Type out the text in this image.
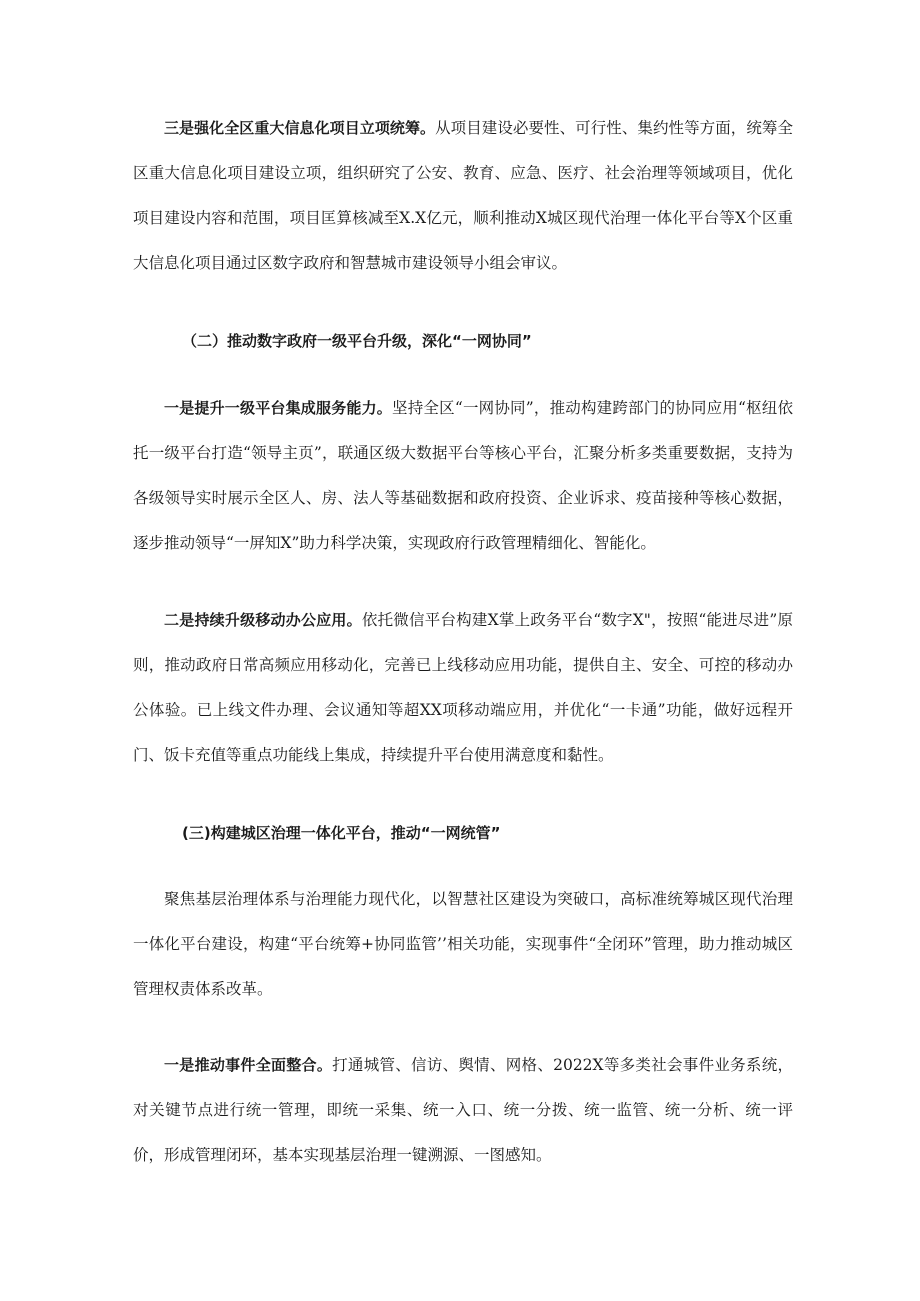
三是强化全区重大信息化项目立项统筹。从项目建设必要性、可行性、集约性等方面，统筹全区重大信息化项目建设立项，组织研究了公安、教育、应急、医疗、社会治理等领域项目，优化项目建设内容和范围，项目匡算核减至X.X亿元，顺利推动X城区现代治理一体化平台等X个区重大信息化项目通过区数字政府和智慧城市建设领导小组会审议。

（二）推动数字政府一级平台升级，深化“一网协同”

一是提升一级平台集成服务能力。坚持全区“一网协同”，推动构建跨部门的协同应用“枢纽依托一级平台打造“领导主页”，联通区级大数据平台等核心平台，汇聚分析多类重要数据，支持为各级领导实时展示全区人、房、法人等基础数据和政府投资、企业诉求、疫苗接种等核心数据，逐步推动领导“一屏知X”助力科学决策，实现政府行政管理精细化、智能化。

二是持续升级移动办公应用。依托微信平台构建X掌上政务平台“数字X"，按照“能进尽进”原则，推动政府日常高频应用移动化，完善已上线移动应用功能，提供自主、安全、可控的移动办公体验。已上线文件办理、会议通知等超XX项移动端应用，并优化“一卡通”功能，做好远程开门、饭卡充值等重点功能线上集成，持续提升平台使用满意度和黏性。

(三)构建城区治理一体化平台，推动“一网统管”

聚焦基层治理体系与治理能力现代化，以智慧社区建设为突破口，高标准统筹城区现代治理一体化平台建设，构建“平台统筹+协同监管’’相关功能，实现事件“全闭环”管理，助力推动城区管理权责体系改革。

一是推动事件全面整合。打通城管、信访、舆情、网格、2022X等多类社会事件业务系统，对关键节点进行统一管理，即统一采集、统一入口、统一分拨、统一监管、统一分析、统一评价，形成管理闭环，基本实现基层治理一键溯源、一图感知。
